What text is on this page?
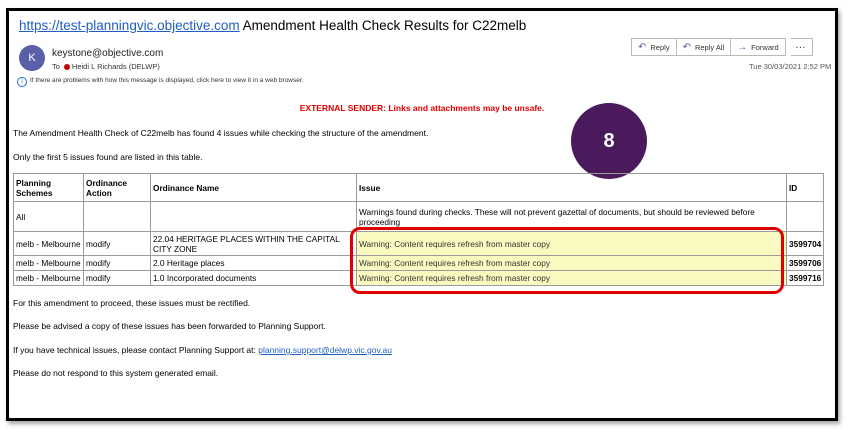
https://test-planningvic.objective.com Amendment Health Check Results for C22melb
K	keystone@objective.com
To Heidi L Richards (DELWP)
i If there are problems with how this message is displayed, click here to view it in a web browser.
↶ Reply ↶ Reply All → Forward	···
Tue 30/03/2021 2:52 PM
EXTERNAL SENDER: Links and attachments may be unsafe.
The Amendment Health Check of C22melb has found 4 issues while checking the structure of the amendment.
Only the first 5 issues found are listed in this table.
8
Planning Schemes	Ordinance Action	Ordinance Name	Issue	ID
All			Warnings found during checks. These will not prevent gazettal of documents, but should be reviewed before proceeding	
melb - Melbourne	modify	22.04 HERITAGE PLACES WITHIN THE CAPITAL CITY ZONE	Warning: Content requires refresh from master copy	3599704
melb - Melbourne	modify	2.0 Heritage places	Warning: Content requires refresh from master copy	3599706
melb - Melbourne	modify	1.0 Incorporated documents	Warning: Content requires refresh from master copy	3599716
For this amendment to proceed, these issues must be rectified.
Please be advised a copy of these issues has been forwarded to Planning Support.
If you have technical issues, please contact Planning Support at: planning.support@delwp.vic.gov.au
Please do not respond to this system generated email.
